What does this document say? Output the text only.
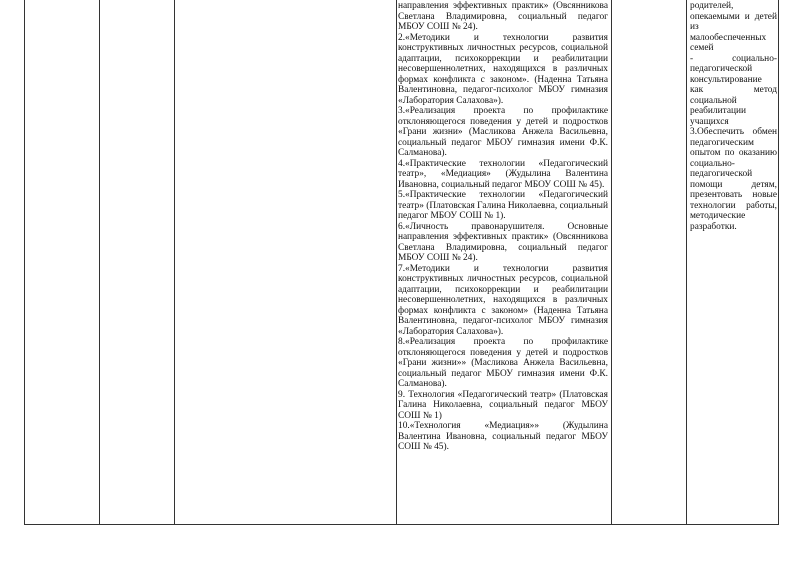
направления эффективных практик» (Овсянникова Светлана Владимировна, социальный педагог МБОУ СОШ № 24).

2.«Методики и технологии развития конструктивных личностных ресурсов, социальной адаптации, психокоррекции и реабилитации несовершеннолетних, находящихся в различных формах конфликта с законом». (Наденна Татьяна Валентиновна, педагог-психолог МБОУ гимназия «Лаборатория Салахова»).

3.«Реализация проекта по профилактике отклоняющегося поведения у детей и подростков «Грани жизни» (Масликова Анжела Васильевна, социальный педагог МБОУ гимназия имени Ф.К. Салманова).

4.«Практические технологии «Педагогический театр», «Медиация» (Жудылина Валентина Ивановна, социальный педагог МБОУ СОШ № 45).

5.«Практические технологии «Педагогический театр» (Платовская Галина Николаевна, социальный педагог МБОУ СОШ № 1).

6.«Личность правонарушителя. Основные направления эффективных практик» (Овсянникова Светлана Владимировна, социальный педагог МБОУ СОШ № 24).

7.«Методики и технологии развития конструктивных личностных ресурсов, социальной адаптации, психокоррекции и реабилитации несовершеннолетних, находящихся в различных формах конфликта с законом» (Наденна Татьяна Валентиновна, педагог-психолог МБОУ гимназия «Лаборатория Салахова»).

8.«Реализация проекта по профилактике отклоняющегося поведения у детей и подростков «Грани жизни»» (Масликова Анжела Васильевна, социальный педагог МБОУ гимназия имени Ф.К. Салманова).

9. Технология «Педагогический театр» (Платовская Галина Николаевна, социальный педагог МБОУ СОШ № 1)

10.«Технология «Медиация»» (Жудылина Валентина Ивановна, социальный педагог МБОУ СОШ № 45).

родителей, опекаемыми и детей из малообеспеченных семей

- социально-педагогической консультирование как метод социальной реабилитации учащихся

3.Обеспечить обмен педагогическим опытом по оказанию социально-педагогической помощи детям, презентовать новые технологии работы, методические разработки.
